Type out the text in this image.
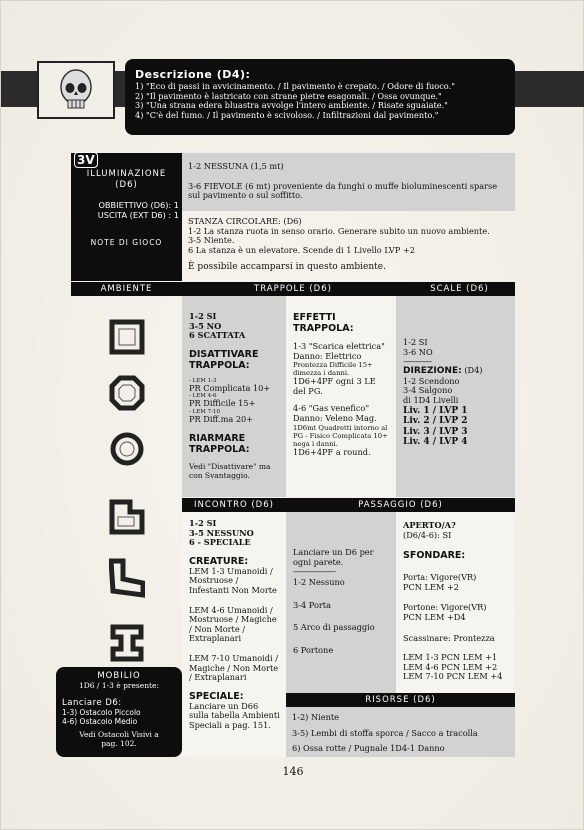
Descrizione (D4):
1) "Eco di passi in avvicinamento. / Il pavimento è crepato. / Odore di fuoco."
2) "Il pavimento è lastricato con strane pietre esagonali. / Ossa ovunque."
3) "Una strana edera bluastra avvolge l'intero ambiente. / Risate sguaiate."
4) "C'è del fumo. / Il pavimento è scivoloso. / Infiltrazioni dal pavimento."
3V
ILLUMINAZIONE
(D6)
OBBIETTIVO (D6): 1
USCITA (EXT D6) : 1
NOTE DI GIOCO
1-2 NESSUNA (1,5 mt)
3-6 FIEVOLE (6 mt) proveniente da funghi o muffe bioluminescenti sparse sul pavimento o sul soffitto.
STANZA CIRCOLARE: (D6)
1-2 La stanza ruota in senso orario. Generare subito un nuovo ambiente.
3-5 Niente.
6 La stanza è un elevatore. Scende di 1 Livello LVP +2
È possibile accamparsi in questo ambiente.
AMBIENTE	TRAPPOLE (D6)	SCALE (D6)
1-2 SI
3-5 NO
6 SCATTATA
DISATTIVARE TRAPPOLA:
- LEM 1-3
PR Complicata 10+
- LEM 4-6
PR Difficile 15+
- LEM 7-10
PR Diff.ma 20+
RIARMARE TRAPPOLA:
Vedi "Disattivare" ma con Svantaggio.
EFFETTI TRAPPOLA:
1-3 "Scarica elettrica"
Danno: Elettrico
Prontezza Difficile 15+ dimezza i danni.
1D6+4PF ogni 3 LE del PG.
4-6 "Gas venefico"
Danno: Veleno Mag.
1D6mt Quadretti intorno al PG - Fisico Complicata 10+
nega i danni.
1D6+4PF a round.
1-2 SI
3-6 NO
————
DIREZIONE: (D4)
1-2 Scendono
3-4 Salgono
di 1D4 Livelli
Liv. 1 / LVP 1
Liv. 2 / LVP 2
Liv. 3 / LVP 3
Liv. 4 / LVP 4
INCONTRO (D6)	PASSAGGIO (D6)
1-2 SI
3-5 NESSUNO
6 - SPECIALE
CREATURE:
LEM 1-3 Umanoidi / Mostruose / Infestanti Non Morte
LEM 4-6 Umanoidi / Mostruose / Magiche / Non Morte / Extraplanari
LEM 7-10 Umanoidi / Magiche / Non Morte / Extraplanari
SPECIALE:
Lanciare un D66 sulla tabella Ambienti Speciali a pag. 151.
Lanciare un D6 per ogni parete.
——————
1-2 Nessuno
3-4 Porta
5 Arco di passaggio
6 Portone
APERTO/A?
(D6/4-6): SI
SFONDARE:
Porta: Vigore(VR)
PCN LEM +2
Portone: Vigore(VR)
PCN LEM +D4
Scassinare: Prontezza
LEM 1-3 PCN LEM +1
LEM 4-6 PCN LEM +2
LEM 7-10 PCN LEM +4
RISORSE (D6)
1-2) Niente
3-5) Lembi di stoffa sporca / Sacco a tracolla
6) Ossa rotte / Pugnale 1D4-1 Danno
MOBILIO
1D6 / 1-3 è presente:
Lanciare D6:
1-3) Ostacolo Piccolo
4-6) Ostacolo Medio
Vedi Ostacoli Visivi a pag. 102.
146
